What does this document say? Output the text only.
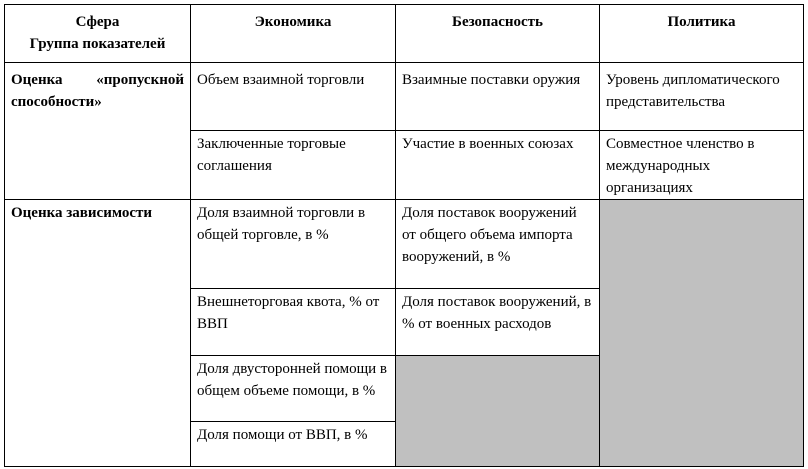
Сфера
Группа показателей	Экономика	Безопасность	Политика
Оценка «пропускной способности»	Объем взаимной торговли	Взаимные поставки оружия	Уровень дипломатического представительства
	Заключенные торговые соглашения	Участие в военных союзах	Совместное членство в международных организациях
Оценка зависимости	Доля взаимной торговли в общей торговле, в %	Доля поставок вооружений от общего объема импорта вооружений, в %	
	Внешнеторговая квота, % от ВВП	Доля поставок вооружений, в % от военных расходов	
	Доля двусторонней помощи в общем объеме помощи, в %		
	Доля помощи от ВВП, в %		
